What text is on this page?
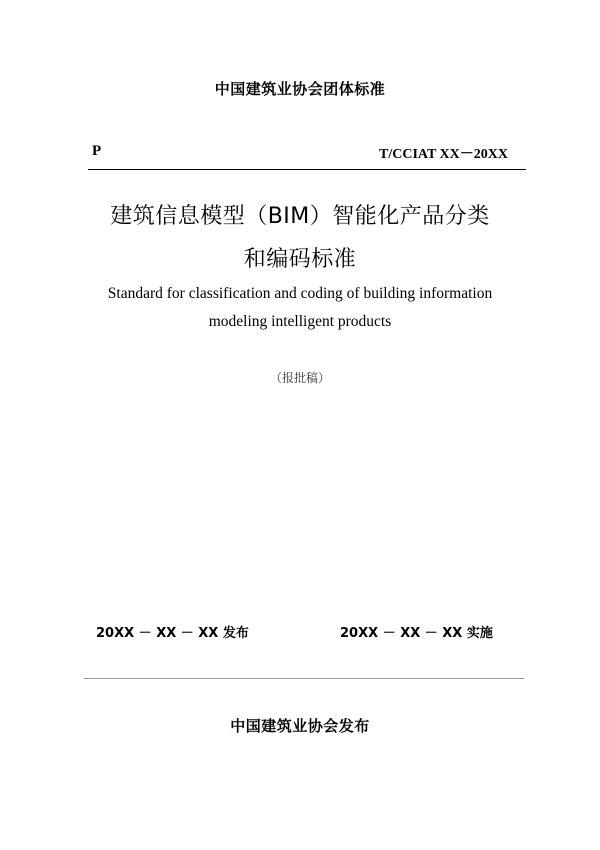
中国建筑业协会团体标准
P	T/CCIAT XX－20XX
建筑信息模型（BIM）智能化产品分类
和编码标准
Standard for classification and coding of building information
modeling intelligent products
（报批稿）
20XX － XX － XX 发布	20XX － XX － XX 实施
中国建筑业协会发布
